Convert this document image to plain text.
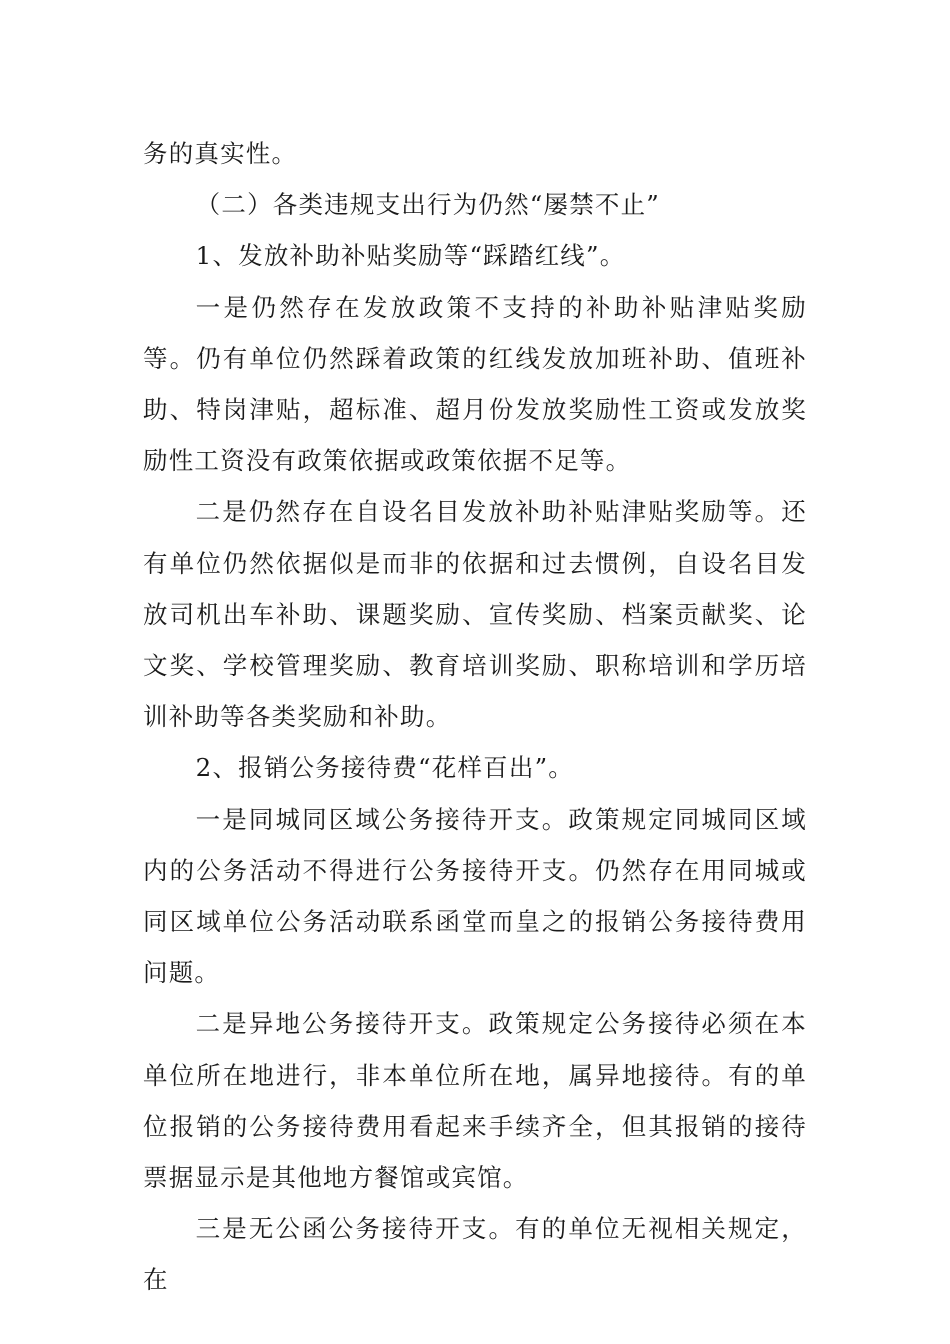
务的真实性。

（二）各类违规支出行为仍然“屡禁不止”

1、发放补助补贴奖励等“踩踏红线”。

一是仍然存在发放政策不支持的补助补贴津贴奖励等。仍有单位仍然踩着政策的红线发放加班补助、值班补助、特岗津贴，超标准、超月份发放奖励性工资或发放奖励性工资没有政策依据或政策依据不足等。

二是仍然存在自设名目发放补助补贴津贴奖励等。还有单位仍然依据似是而非的依据和过去惯例，自设名目发放司机出车补助、课题奖励、宣传奖励、档案贡献奖、论文奖、学校管理奖励、教育培训奖励、职称培训和学历培训补助等各类奖励和补助。

2、报销公务接待费“花样百出”。

一是同城同区域公务接待开支。政策规定同城同区域内的公务活动不得进行公务接待开支。仍然存在用同城或同区域单位公务活动联系函堂而皇之的报销公务接待费用问题。

二是异地公务接待开支。政策规定公务接待必须在本单位所在地进行，非本单位所在地，属异地接待。有的单位报销的公务接待费用看起来手续齐全，但其报销的接待票据显示是其他地方餐馆或宾馆。

三是无公函公务接待开支。有的单位无视相关规定，在
